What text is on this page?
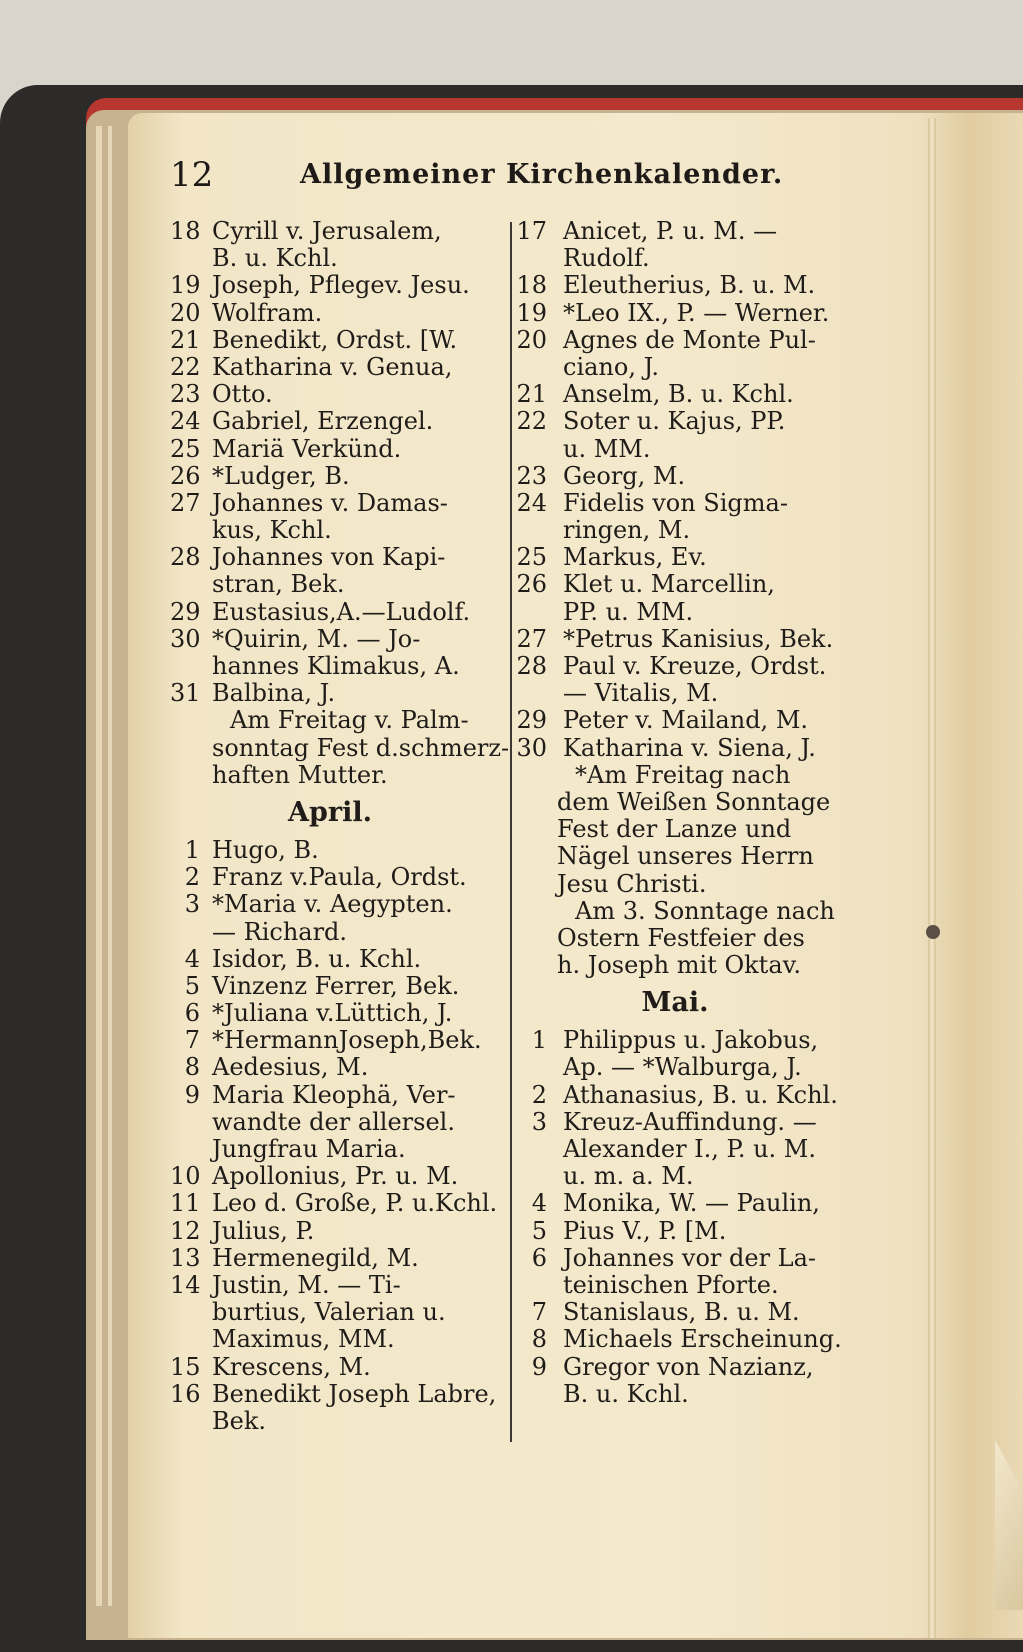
12	Allgemeiner Kirchenkalender.
18 Cyrill v. Jerusalem,
B. u. Kchl.
19 Joseph, Pflegev. Jesu.
20 Wolfram.
21 Benedikt, Ordst. [W.
22 Katharina v. Genua,
23 Otto.
24 Gabriel, Erzengel.
25 Mariä Verkünd.
26 *Ludger, B.
27 Johannes v. Damas-
kus, Kchl.
28 Johannes von Kapi-
stran, Bek.
29 Eustasius,A.—Ludolf.
30 *Quirin, M. — Jo-
hannes Klimakus, A.
31 Balbina, J.
Am Freitag v. Palm-
sonntag Fest d.schmerz-
haften Mutter.
April.
1 Hugo, B.
2 Franz v.Paula, Ordst.
3 *Maria v. Aegypten.
— Richard.
4 Isidor, B. u. Kchl.
5 Vinzenz Ferrer, Bek.
6 *Juliana v.Lüttich, J.
7 *HermannJoseph,Bek.
8 Aedesius, M.
9 Maria Kleophä, Ver-
wandte der allersel.
Jungfrau Maria.
10 Apollonius, Pr. u. M.
11 Leo d. Große, P. u.Kchl.
12 Julius, P.
13 Hermenegild, M.
14 Justin, M. — Ti-
burtius, Valerian u.
Maximus, MM.
15 Krescens, M.
16 Benedikt Joseph Labre,
Bek.
17 Anicet, P. u. M. —
Rudolf.
18 Eleutherius, B. u. M.
19 *Leo IX., P. — Werner.
20 Agnes de Monte Pul-
ciano, J.
21 Anselm, B. u. Kchl.
22 Soter u. Kajus, PP.
u. MM.
23 Georg, M.
24 Fidelis von Sigma-
ringen, M.
25 Markus, Ev.
26 Klet u. Marcellin,
PP. u. MM.
27 *Petrus Kanisius, Bek.
28 Paul v. Kreuze, Ordst.
— Vitalis, M.
29 Peter v. Mailand, M.
30 Katharina v. Siena, J.
*Am Freitag nach
dem Weißen Sonntage
Fest der Lanze und
Nägel unseres Herrn
Jesu Christi.
Am 3. Sonntage nach
Ostern Festfeier des
h. Joseph mit Oktav.
Mai.
1 Philippus u. Jakobus,
Ap. — *Walburga, J.
2 Athanasius, B. u. Kchl.
3 Kreuz-Auffindung. —
Alexander I., P. u. M.
u. m. a. M.
4 Monika, W. — Paulin,
5 Pius V., P. [M.
6 Johannes vor der La-
teinischen Pforte.
7 Stanislaus, B. u. M.
8 Michaels Erscheinung.
9 Gregor von Nazianz,
B. u. Kchl.
